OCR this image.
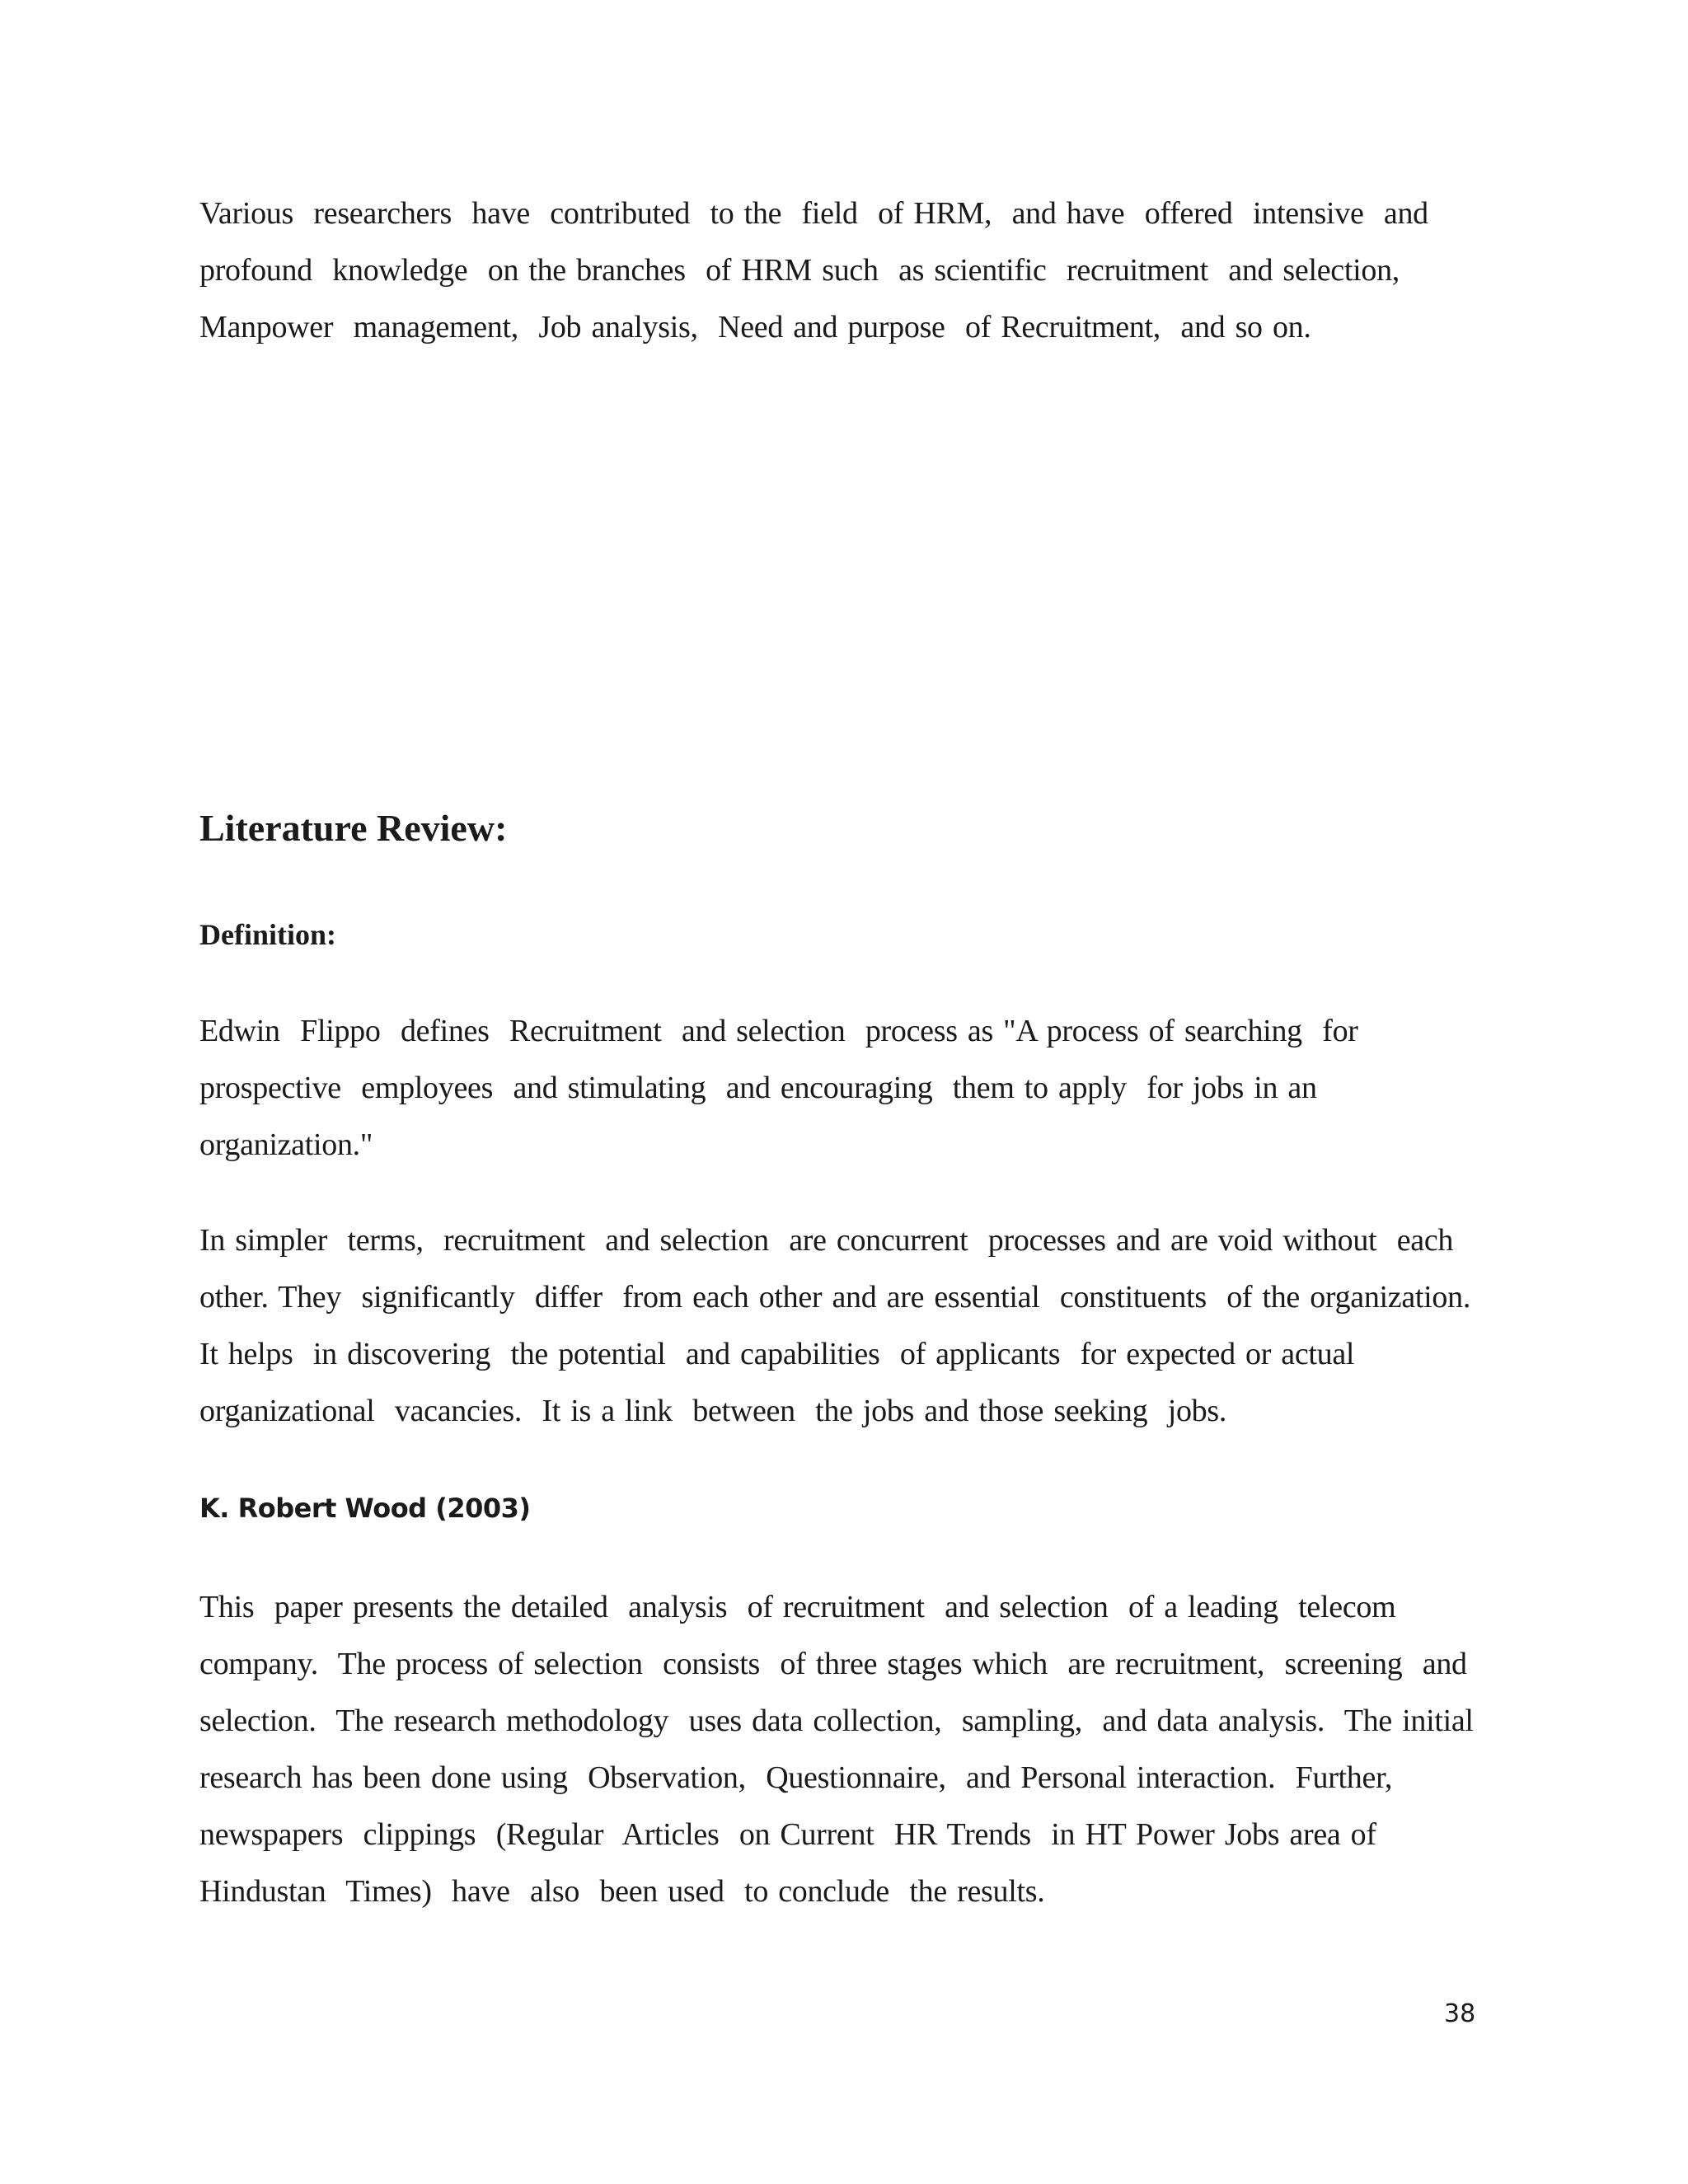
Various  researchers  have  contributed  to the  field  of HRM,  and have  offered  intensive  and
profound  knowledge  on the branches  of HRM such  as scientific  recruitment  and selection,
Manpower  management,  Job analysis,  Need and purpose  of Recruitment,  and so on.
Literature Review:
Definition:
Edwin  Flippo  defines  Recruitment  and selection  process as "A process of searching  for
prospective  employees  and stimulating  and encouraging  them to apply  for jobs in an
organization."
In simpler  terms,  recruitment  and selection  are concurrent  processes and are void without  each
other. They  significantly  differ  from each other and are essential  constituents  of the organization.
It helps  in discovering  the potential  and capabilities  of applicants  for expected or actual
organizational  vacancies.  It is a link  between  the jobs and those seeking  jobs.
K. Robert Wood (2003)
This  paper presents the detailed  analysis  of recruitment  and selection  of a leading  telecom
company.  The process of selection  consists  of three stages which  are recruitment,  screening  and
selection.  The research methodology  uses data collection,  sampling,  and data analysis.  The initial
research has been done using  Observation,  Questionnaire,  and Personal interaction.  Further,
newspapers  clippings  (Regular  Articles  on Current  HR Trends  in HT Power Jobs area of
Hindustan  Times)  have  also  been used  to conclude  the results.
38
